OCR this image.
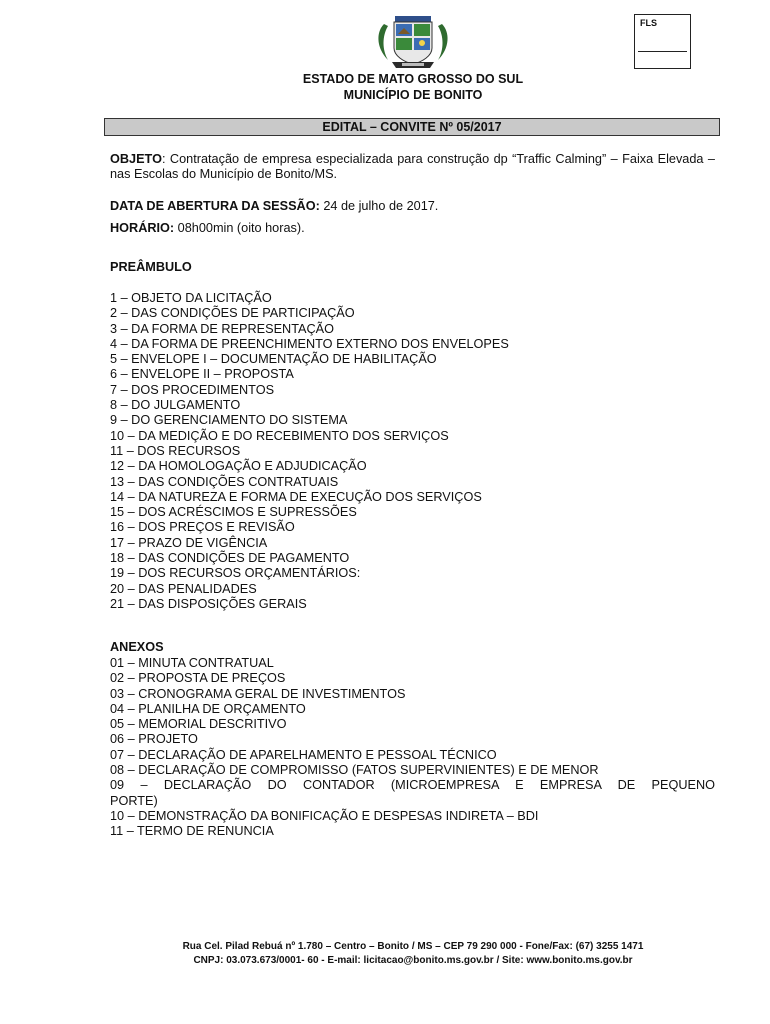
FLS
ESTADO DE MATO GROSSO DO SUL
MUNICÍPIO DE BONITO
EDITAL – CONVITE Nº 05/2017
OBJETO: Contratação de empresa especializada para construção dp “Traffic Calming” – Faixa Elevada – nas Escolas do Município de Bonito/MS.
DATA DE ABERTURA DA SESSÃO: 24 de julho de 2017.
HORÁRIO: 08h00min (oito horas).
PREÂMBULO
1 – OBJETO DA LICITAÇÃO
2 – DAS CONDIÇÕES DE PARTICIPAÇÃO
3 – DA FORMA DE REPRESENTAÇÃO
4 – DA FORMA DE PREENCHIMENTO EXTERNO DOS ENVELOPES
5 – ENVELOPE I – DOCUMENTAÇÃO DE HABILITAÇÃO
6 – ENVELOPE II – PROPOSTA
7 – DOS PROCEDIMENTOS
8 – DO JULGAMENTO
9 – DO GERENCIAMENTO DO SISTEMA
10 – DA MEDIÇÃO E DO RECEBIMENTO DOS SERVIÇOS
11 – DOS RECURSOS
12 – DA HOMOLOGAÇÃO E ADJUDICAÇÃO
13 – DAS CONDIÇÕES CONTRATUAIS
14 – DA NATUREZA E FORMA DE EXECUÇÃO DOS SERVIÇOS
15 – DOS ACRÉSCIMOS E SUPRESSÕES
16 – DOS PREÇOS E REVISÃO
17 – PRAZO DE VIGÊNCIA
18 – DAS CONDIÇÕES DE PAGAMENTO
19 – DOS RECURSOS ORÇAMENTÁRIOS:
20 – DAS PENALIDADES
21 – DAS DISPOSIÇÕES GERAIS
ANEXOS
01 – MINUTA CONTRATUAL
02 – PROPOSTA DE PREÇOS
03 – CRONOGRAMA GERAL DE INVESTIMENTOS
04 – PLANILHA DE ORÇAMENTO
05 – MEMORIAL DESCRITIVO
06 – PROJETO
07 – DECLARAÇÃO DE APARELHAMENTO E PESSOAL TÉCNICO
08 – DECLARAÇÃO DE COMPROMISSO (FATOS SUPERVINIENTES) E DE MENOR
09 – DECLARAÇÃO DO CONTADOR (MICROEMPRESA E EMPRESA DE PEQUENO
PORTE)
10 – DEMONSTRAÇÃO DA BONIFICAÇÃO E DESPESAS INDIRETA – BDI
11 – TERMO DE RENUNCIA
Rua Cel. Pilad Rebuá nº 1.780 – Centro – Bonito / MS – CEP 79 290 000 - Fone/Fax: (67) 3255 1471
CNPJ: 03.073.673/0001- 60 - E-mail: licitacao@bonito.ms.gov.br / Site: www.bonito.ms.gov.br
